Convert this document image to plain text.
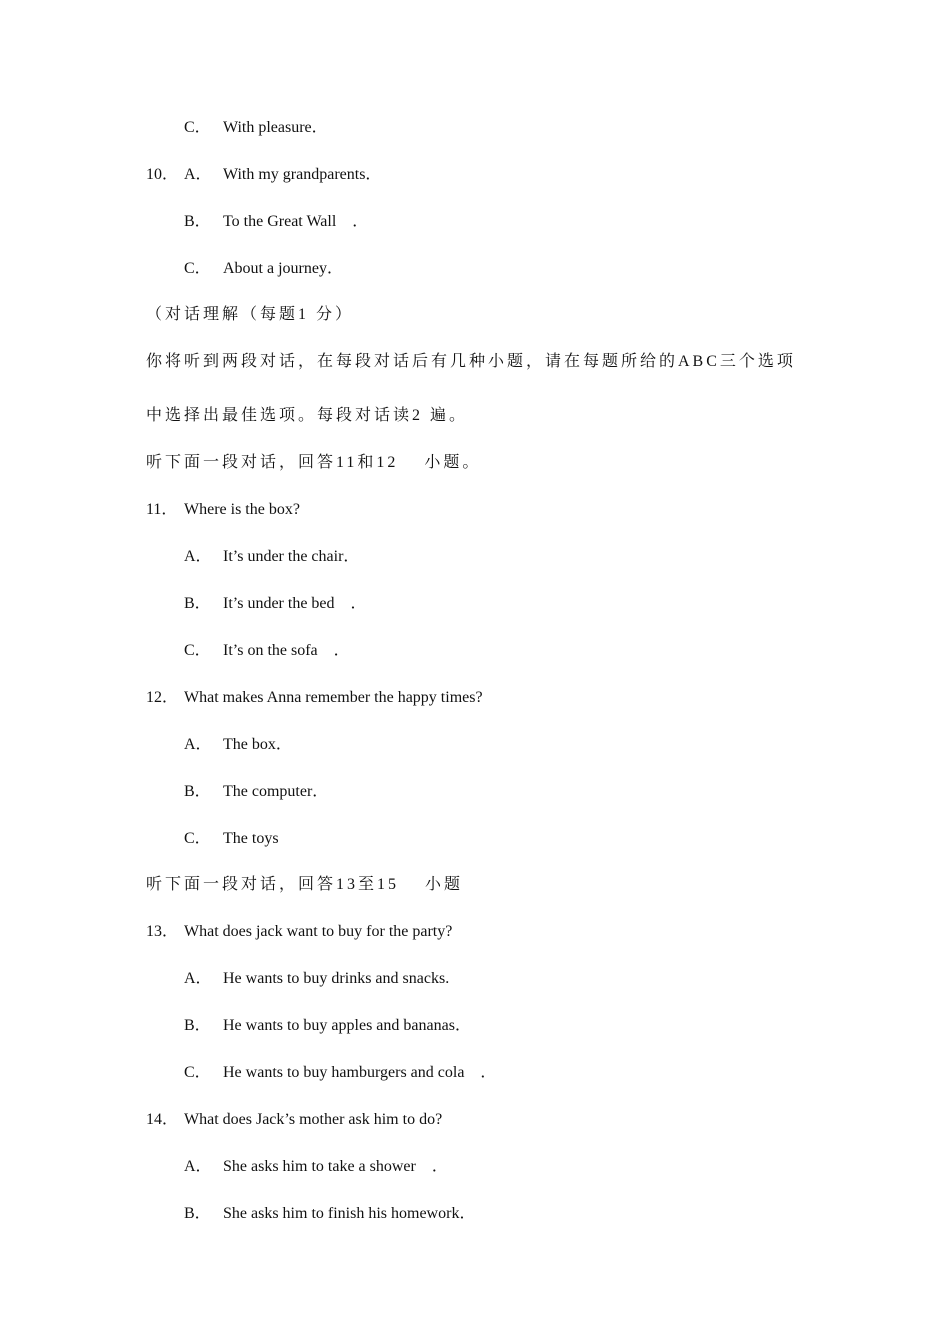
C．

With pleasure．

10．

A．

With my grandparents．

B．

To the Great Wall　．

C．

About a journey．

（对话理解（每题1 分）

你将听到两段对话，在每段对话后有几种小题，请在每题所给的ABC三个选项

中选择出最佳选项。每段对话读2 遍。

听下面一段对话，回答11和12　 小题。

11．

Where is the box?

A．

It’s under the chair．

B．

It’s under the bed　．

C．

It’s on the sofa　．

12．

What makes Anna remember the happy times?

A．

The box．

B．

The computer．

C．

The toys

听下面一段对话，回答13至15　 小题

13．

What does jack want to buy for the party?

A．

He wants to buy drinks and snacks.

B．

He wants to buy apples and bananas．

C．

He wants to buy hamburgers and cola　．

14．

What does Jack’s mother ask him to do?

A．

She asks him to take a shower　．

B．

She asks him to finish his homework．
